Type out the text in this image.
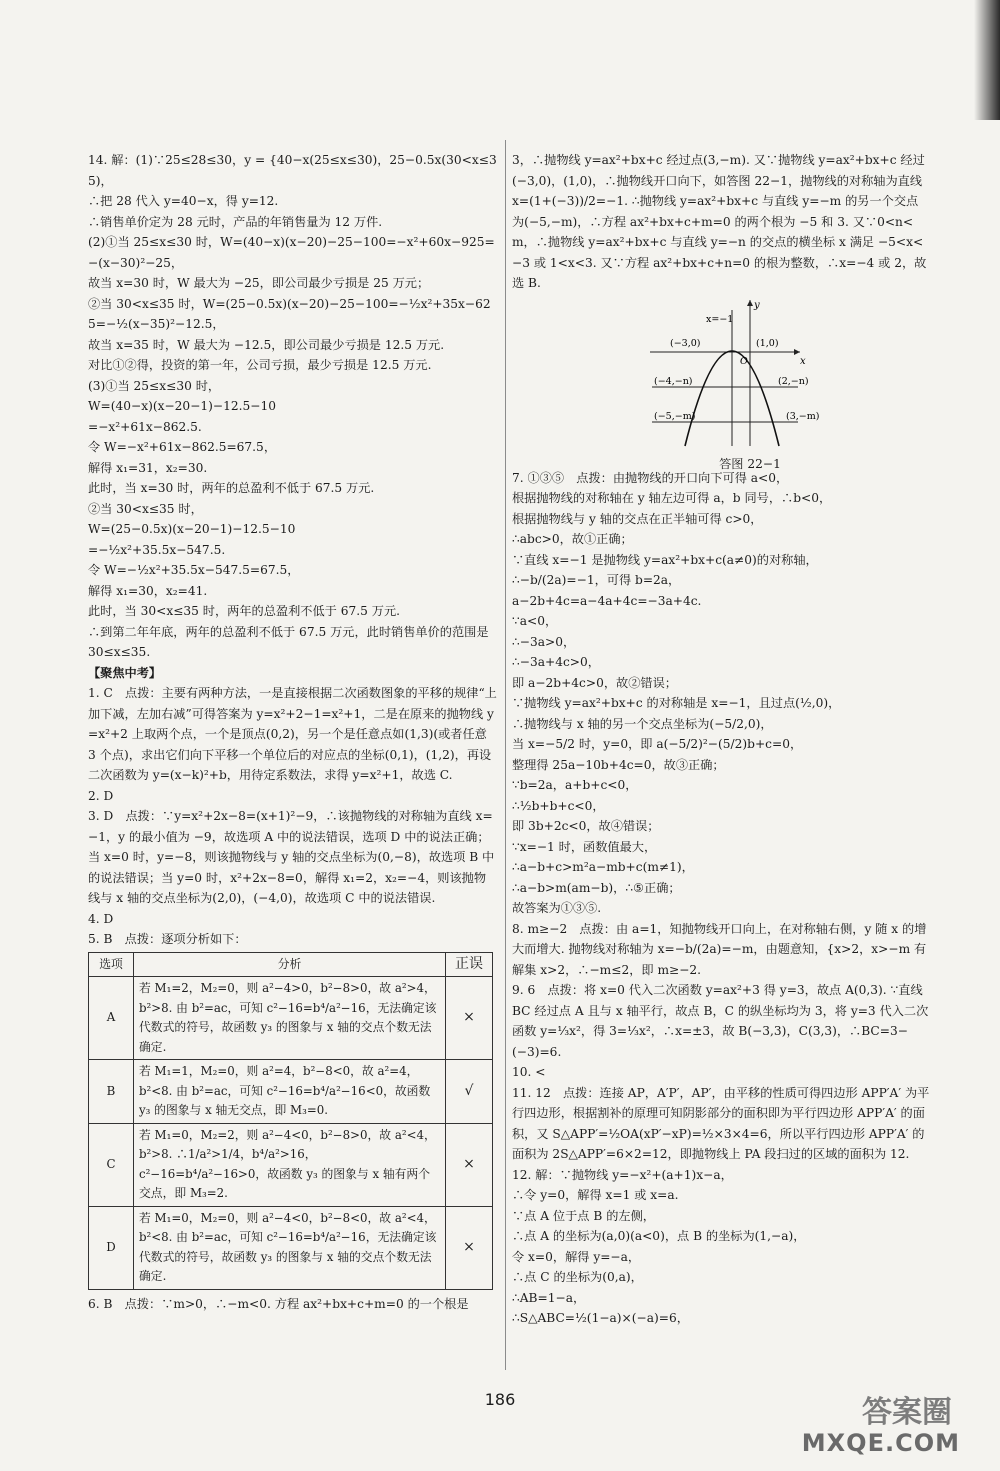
14. 解：(1)∵25≤28≤30，y = {40−x(25≤x≤30)，25−0.5x(30<x≤35)，

∴把 28 代入 y=40−x，得 y=12.

∴销售单价定为 28 元时，产品的年销售量为 12 万件.

(2)①当 25≤x≤30 时，W=(40−x)(x−20)−25−100=−x²+60x−925=−(x−30)²−25，

故当 x=30 时，W 最大为 −25，即公司最少亏损是 25 万元；

②当 30<x≤35 时，W=(25−0.5x)(x−20)−25−100=−½x²+35x−625=−½(x−35)²−12.5，

故当 x=35 时，W 最大为 −12.5，即公司最少亏损是 12.5 万元.

对比①②得，投资的第一年，公司亏损，最少亏损是 12.5 万元.

(3)①当 25≤x≤30 时，

W=(40−x)(x−20−1)−12.5−10

=−x²+61x−862.5.

令 W=−x²+61x−862.5=67.5，

解得 x₁=31，x₂=30.

此时，当 x=30 时，两年的总盈利不低于 67.5 万元.

②当 30<x≤35 时，

W=(25−0.5x)(x−20−1)−12.5−10

=−½x²+35.5x−547.5.

令 W=−½x²+35.5x−547.5=67.5，

解得 x₁=30，x₂=41.

此时，当 30<x≤35 时，两年的总盈利不低于 67.5 万元.

∴到第二年年底，两年的总盈利不低于 67.5 万元，此时销售单价的范围是 30≤x≤35.

【聚焦中考】

1. C　点拨：主要有两种方法，一是直接根据二次函数图象的平移的规律“上加下减，左加右减”可得答案为 y=x²+2−1=x²+1，二是在原来的抛物线 y=x²+2 上取两个点，一个是顶点(0,2)，另一个是任意点如(1,3)(或者任意 3 个点)，求出它们向下平移一个单位后的对应点的坐标(0,1)，(1,2)，再设二次函数为 y=(x−k)²+b，用待定系数法，求得 y=x²+1，故选 C.

2. D

3. D　点拨：∵y=x²+2x−8=(x+1)²−9，∴该抛物线的对称轴为直线 x=−1，y 的最小值为 −9，故选项 A 中的说法错误，选项 D 中的说法正确；当 x=0 时，y=−8，则该抛物线与 y 轴的交点坐标为(0,−8)，故选项 B 中的说法错误；当 y=0 时，x²+2x−8=0，解得 x₁=2，x₂=−4，则该抛物线与 x 轴的交点坐标为(2,0)，(−4,0)，故选项 C 中的说法错误.

4. D

5. B　点拨：逐项分析如下：

选项	分析	正误
A	若 M₁=2，M₂=0，则 a²−4>0，b²−8>0，故 a²>4，b²>8. 由 b²=ac，可知 c²−16=b⁴/a²−16，无法确定该代数式的符号，故函数 y₃ 的图象与 x 轴的交点个数无法确定.	×
B	若 M₁=1，M₂=0，则 a²=4，b²−8<0，故 a²=4，b²<8. 由 b²=ac，可知 c²−16=b⁴/a²−16<0，故函数 y₃ 的图象与 x 轴无交点，即 M₃=0.	√
C	若 M₁=0，M₂=2，则 a²−4<0，b²−8>0，故 a²<4，b²>8. ∴1/a²>1/4，b⁴/a²>16，c²−16=b⁴/a²−16>0，故函数 y₃ 的图象与 x 轴有两个交点，即 M₃=2.	×
D	若 M₁=0，M₂=0，则 a²−4<0，b²−8<0，故 a²<4，b²<8. 由 b²=ac，可知 c²−16=b⁴/a²−16，无法确定该代数式的符号，故函数 y₃ 的图象与 x 轴的交点个数无法确定.	×

6. B　点拨：∵m>0，∴−m<0. 方程 ax²+bx+c+m=0 的一个根是

3，∴抛物线 y=ax²+bx+c 经过点(3,−m). 又∵抛物线 y=ax²+bx+c 经过(−3,0)，(1,0)，∴抛物线开口向下，如答图 22−1，抛物线的对称轴为直线 x=(1+(−3))/2=−1. ∴抛物线 y=ax²+bx+c 与直线 y=−m 的另一个交点为(−5,−m)，∴方程 ax²+bx+c+m=0 的两个根为 −5 和 3. 又∵0<n<m，∴抛物线 y=ax²+bx+c 与直线 y=−n 的交点的横坐标 x 满足 −5<x<−3 或 1<x<3. 又∵方程 ax²+bx+c+n=0 的根为整数，∴x=−4 或 2，故选 B.

y
x
x=−1
O
(−3,0)	(1,0)
(−4,−n)	(2,−n)
(−5,−m)	(3,−m)

答图 22−1

7. ①③⑤　点拨：由抛物线的开口向下可得 a<0，

根据抛物线的对称轴在 y 轴左边可得 a，b 同号，∴b<0，

根据抛物线与 y 轴的交点在正半轴可得 c>0，

∴abc>0，故①正确；

∵直线 x=−1 是抛物线 y=ax²+bx+c(a≠0)的对称轴，

∴−b/(2a)=−1，可得 b=2a，

a−2b+4c=a−4a+4c=−3a+4c.

∵a<0，

∴−3a>0，

∴−3a+4c>0，

即 a−2b+4c>0，故②错误；

∵抛物线 y=ax²+bx+c 的对称轴是 x=−1，且过点(½,0)，

∴抛物线与 x 轴的另一个交点坐标为(−5/2,0)，

当 x=−5/2 时，y=0，即 a(−5/2)²−(5/2)b+c=0，

整理得 25a−10b+4c=0，故③正确；

∵b=2a，a+b+c<0，

∴½b+b+c<0，

即 3b+2c<0，故④错误；

∵x=−1 时，函数值最大，

∴a−b+c>m²a−mb+c(m≠1)，

∴a−b>m(am−b)，∴⑤正确；

故答案为①③⑤.

8. m≥−2　点拨：由 a=1，知抛物线开口向上，在对称轴右侧，y 随 x 的增大而增大. 抛物线对称轴为 x=−b/(2a)=−m，由题意知，{x>2，x>−m 有解集 x>2，∴−m≤2，即 m≥−2.

9. 6　点拨：将 x=0 代入二次函数 y=ax²+3 得 y=3，故点 A(0,3). ∵直线 BC 经过点 A 且与 x 轴平行，故点 B，C 的纵坐标均为 3，将 y=3 代入二次函数 y=⅓x²，得 3=⅓x²，∴x=±3，故 B(−3,3)，C(3,3)，∴BC=3−(−3)=6.

10. <

11. 12　点拨：连接 AP，A′P′，AP′，由平移的性质可得四边形 APP′A′ 为平行四边形，根据割补的原理可知阴影部分的面积即为平行四边形 APP′A′ 的面积，又 S△APP′=½OA(xP′−xP)=½×3×4=6，所以平行四边形 APP′A′ 的面积为 2S△APP′=6×2=12，即抛物线上 PA 段扫过的区域的面积为 12.

12. 解：∵抛物线 y=−x²+(a+1)x−a，

∴令 y=0，解得 x=1 或 x=a.

∵点 A 位于点 B 的左侧，

∴点 A 的坐标为(a,0)(a<0)，点 B 的坐标为(1,−a)，

令 x=0，解得 y=−a，

∴点 C 的坐标为(0,a)，

∴AB=1−a，

∴S△ABC=½(1−a)×(−a)=6，

186	答案圈
MXQE.COM
